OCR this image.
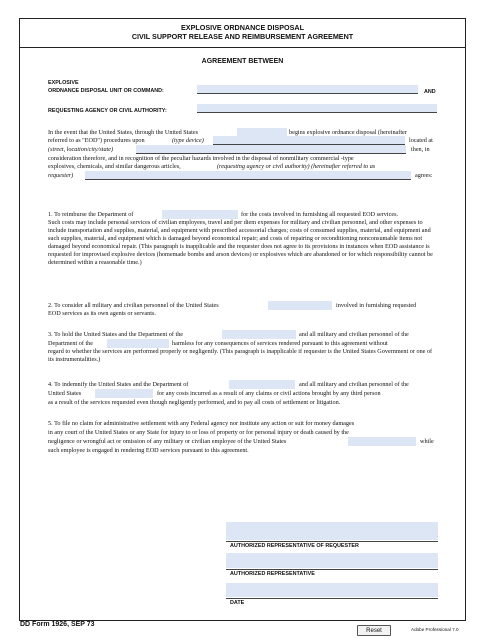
EXPLOSIVE ORDNANCE DISPOSAL
CIVIL SUPPORT RELEASE AND REIMBURSEMENT AGREEMENT
AGREEMENT BETWEEN
EXPLOSIVE
ORDNANCE DISPOSAL UNIT OR COMMAND:	AND
REQUESTING AGENCY OR CIVIL AUTHORITY:
In the event that the United States, through the United States	begins explosive ordnance disposal (hereinafter
referred to as "EOD") procedures upon	(type device)	located at
(street, location/city/state)	then, in
consideration therefore, and in recognition of the peculiar hazards involved in the disposal of nonmilitary commercial -type
explosives, chemicals, and similar dangerous articles,	(requesting agency or civil authority) (hereinafter referred to as
requester)	agrees:
1. To reimburse the Department of	for the costs involved in furnishing all requested EOD services.
Such costs may include personal services of civilian employees, travel and per diem expenses for military and civilian personnel, and other expenses to include transportation and supplies, material, and equipment with prescribed accessorial charges; costs of consumed supplies, material, and equipment and such supplies, material, and equipment which is damaged beyond economical repair; and costs of repairing or reconditioning nonconsumable items not damaged beyond economical repair. (This paragraph is inapplicable and the requester does not agree to its provisions in instances when EOD assistance is requested for improvised explosive devices (homemade bombs and arson devices) or explosives which are abandoned or for which responsibility cannot be determined within a reasonable time.)
2. To consider all military and civilian personnel of the United States	involved in furnishing requested
EOD services as its own agents or servants.
3. To hold the United States and the Department of the	and all military and civilian personnel of the
Department of the	harmless for any consequences of services rendered pursuant to this agreement without
regard to whether the services are performed properly or negligently. (This paragraph is inapplicable if requester is the United States Government or one of its instrumentalities.)
4. To indemnify the United States and the Department of	and all military and civilian personnel of the
United States	for any costs incurred as a result of any claims or civil actions brought by any third person
as a result of the services requested even though negligently performed, and to pay all costs of settlement or litigation.
5. To file no claim for administrative settlement with any Federal agency nor institute any action or suit for money damages
in any court of the United States or any State for injury to or loss of property or for personal injury or death caused by the
negligence or wrongful act or omission of any military or civilian employee of the United States	while
such employee is engaged in rendering EOD services pursuant to this agreement.
AUTHORIZED REPRESENTATIVE OF REQUESTER
AUTHORIZED REPRESENTATIVE
DATE
DD Form 1926, SEP 73
Reset	Adobe Professional 7.0
